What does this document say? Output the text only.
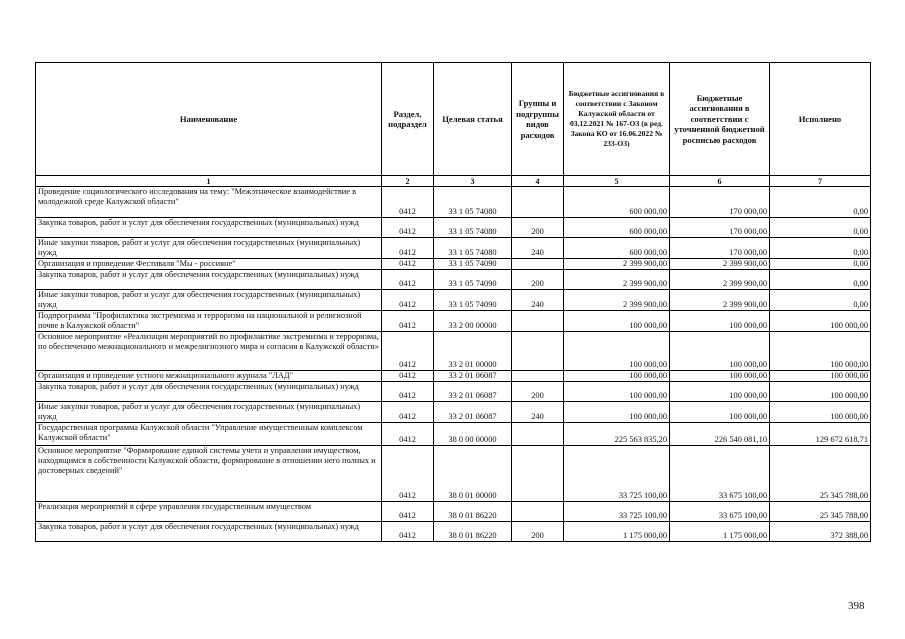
Наименование	Раздел, подраздел	Целевая статья	Группы и подгруппы видов расходов	Бюджетные ассигнования в соответствии с Законом Калужской области от 03.12.2021 № 167-ОЗ (в ред. Закона КО от 16.06.2022 № 233-ОЗ)	Бюджетные ассигнования в соответствии с уточненной бюджетной росписью расходов	Исполнено
1	2	3	4	5	6	7
Проведение социологического исследования на тему: "Межэтническое взаимодействие в молодежной среде Калужской области"	0412	33 1 05 74080		600 000,00	170 000,00	0,00
Закупка товаров, работ и услуг для обеспечения государственных (муниципальных) нужд	0412	33 1 05 74080	200	600 000,00	170 000,00	0,00
Иные закупки товаров, работ и услуг для обеспечения государственных (муниципальных) нужд	0412	33 1 05 74080	240	600 000,00	170 000,00	0,00
Организация и проведение Фестиваля "Мы - россияне"	0412	33 1 05 74090		2 399 900,00	2 399 900,00	0,00
Закупка товаров, работ и услуг для обеспечения государственных (муниципальных) нужд	0412	33 1 05 74090	200	2 399 900,00	2 399 900,00	0,00
Иные закупки товаров, работ и услуг для обеспечения государственных (муниципальных) нужд	0412	33 1 05 74090	240	2 399 900,00	2 399 900,00	0,00
Подпрограмма "Профилактика экстремизма и терроризма на национальной и религиозной почве в Калужской области"	0412	33 2 00 00000		100 000,00	100 000,00	100 000,00
Основное мероприятие «Реализация мероприятий по профилактике экстремизма и терроризма, по обеспечению межнационального и межрелигиозного мира и согласия в Калужской области»	0412	33 2 01 00000		100 000,00	100 000,00	100 000,00
Организация и проведение устного межнационального журнала "ЛАД"	0412	33 2 01 06087		100 000,00	100 000,00	100 000,00
Закупка товаров, работ и услуг для обеспечения государственных (муниципальных) нужд	0412	33 2 01 06087	200	100 000,00	100 000,00	100 000,00
Иные закупки товаров, работ и услуг для обеспечения государственных (муниципальных) нужд	0412	33 2 01 06087	240	100 000,00	100 000,00	100 000,00
Государственная программа Калужской области "Управление имущественным комплексом Калужской области"	0412	38 0 00 00000		225 563 835,20	226 540 081,10	129 672 618,71
Основное мероприятие "Формирование единой системы учета и управления имуществом, находящимся в собственности Калужской области, формирование в отношении него полных и достоверных сведений"	0412	38 0 01 00000		33 725 100,00	33 675 100,00	25 345 788,00
Реализация мероприятий в сфере управления государственным имуществом	0412	38 0 01 86220		33 725 100,00	33 675 100,00	25 345 788,00
Закупка товаров, работ и услуг для обеспечения государственных (муниципальных) нужд	0412	38 0 01 86220	200	1 175 000,00	1 175 000,00	372 388,00
398
